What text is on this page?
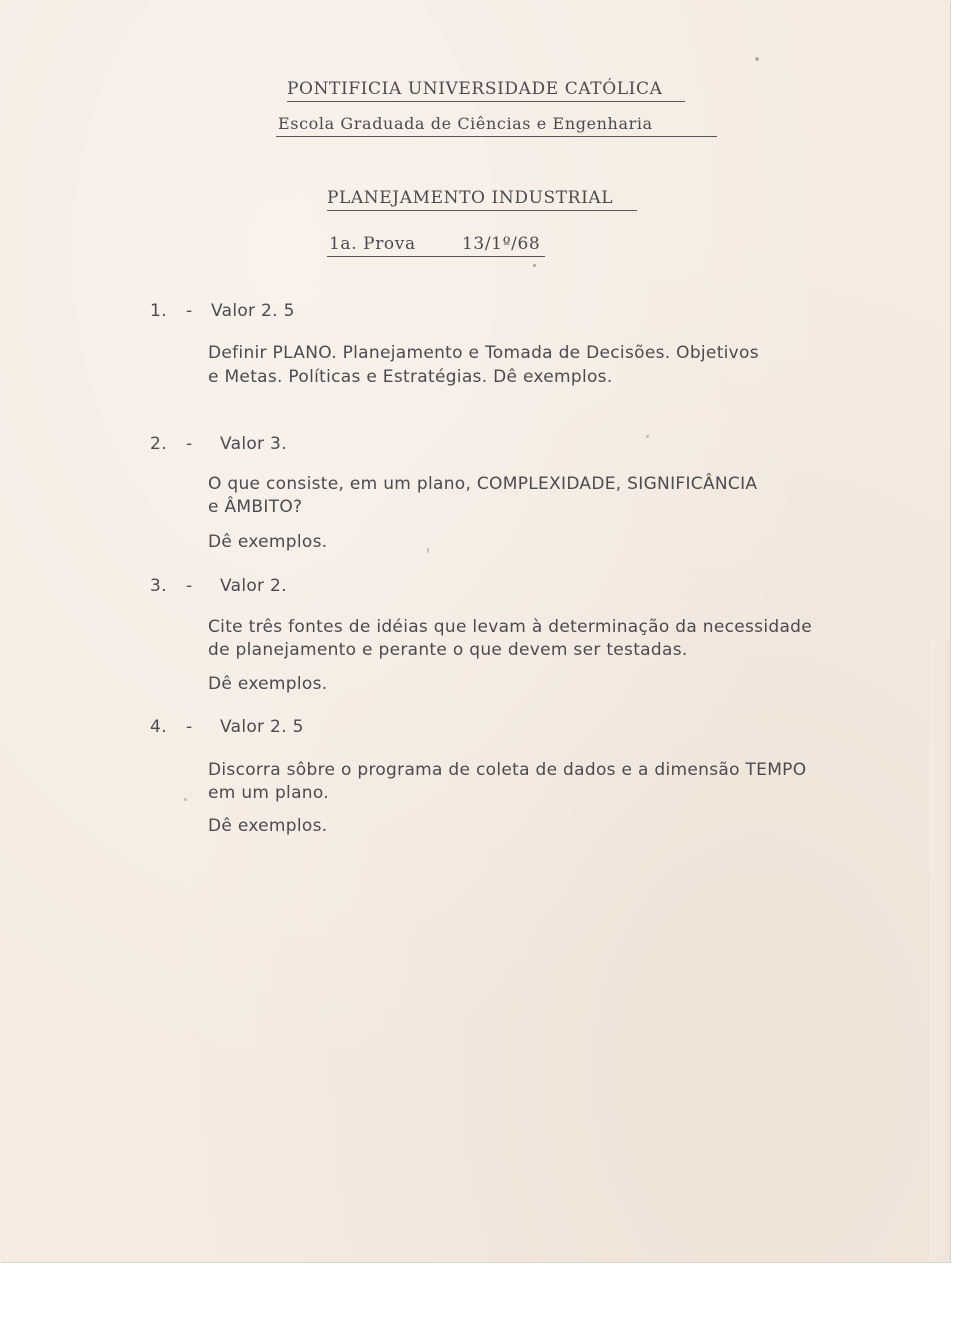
PONTIFICIA UNIVERSIDADE CATÓLICA
Escola Graduada de Ciências e Engenharia
PLANEJAMENTO INDUSTRIAL
1a. Prova	13/1º/68
1. - Valor 2. 5
Definir PLANO. Planejamento e Tomada de Decisões. Objetivos
e Metas. Políticas e Estratégias. Dê exemplos.
2. - Valor 3.
O que consiste, em um plano, COMPLEXIDADE, SIGNIFICÂNCIA
e ÂMBITO?
Dê exemplos.
3. - Valor 2.
Cite três fontes de idéias que levam à determinação da necessidade
de planejamento e perante o que devem ser testadas.
Dê exemplos.
4. - Valor 2. 5
Discorra sôbre o programa de coleta de dados e a dimensão TEMPO
em um plano.
Dê exemplos.
